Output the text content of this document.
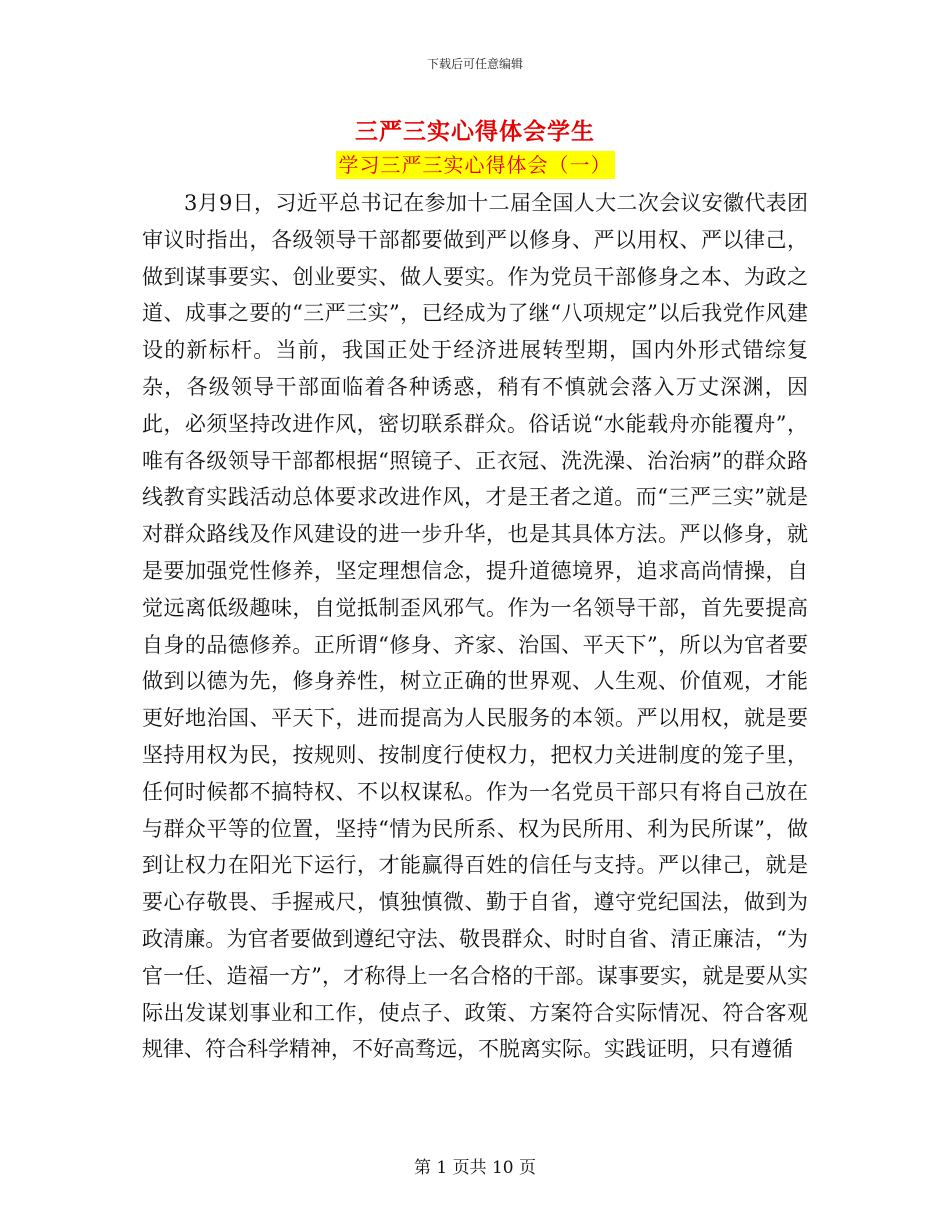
下载后可任意编辑
三严三实心得体会学生
学习三严三实心得体会（一）

3月9日，习近平总书记在参加十二届全国人大二次会议安徽代表团审议时指出，各级领导干部都要做到严以修身、严以用权、严以律己，做到谋事要实、创业要实、做人要实。作为党员干部修身之本、为政之道、成事之要的“三严三实”，已经成为了继“八项规定”以后我党作风建设的新标杆。当前，我国正处于经济进展转型期，国内外形式错综复杂，各级领导干部面临着各种诱惑，稍有不慎就会落入万丈深渊，因此，必须坚持改进作风，密切联系群众。俗话说“水能载舟亦能覆舟”，唯有各级领导干部都根据“照镜子、正衣冠、洗洗澡、治治病”的群众路线教育实践活动总体要求改进作风，才是王者之道。而“三严三实”就是对群众路线及作风建设的进一步升华，也是其具体方法。严以修身，就是要加强党性修养，坚定理想信念，提升道德境界，追求高尚情操，自觉远离低级趣味，自觉抵制歪风邪气。作为一名领导干部，首先要提高自身的品德修养。正所谓“修身、齐家、治国、平天下”，所以为官者要做到以德为先，修身养性，树立正确的世界观、人生观、价值观，才能更好地治国、平天下，进而提高为人民服务的本领。严以用权，就是要坚持用权为民，按规则、按制度行使权力，把权力关进制度的笼子里，任何时候都不搞特权、不以权谋私。作为一名党员干部只有将自己放在与群众平等的位置，坚持“情为民所系、权为民所用、利为民所谋”，做到让权力在阳光下运行，才能赢得百姓的信任与支持。严以律己，就是要心存敬畏、手握戒尺，慎独慎微、勤于自省，遵守党纪国法，做到为政清廉。为官者要做到遵纪守法、敬畏群众、时时自省、清正廉洁，“为官一任、造福一方”，才称得上一名合格的干部。谋事要实，就是要从实际出发谋划事业和工作，使点子、政策、方案符合实际情况、符合客观规律、符合科学精神，不好高骛远，不脱离实际。实践证明，只有遵循

第 1 页共 10 页
